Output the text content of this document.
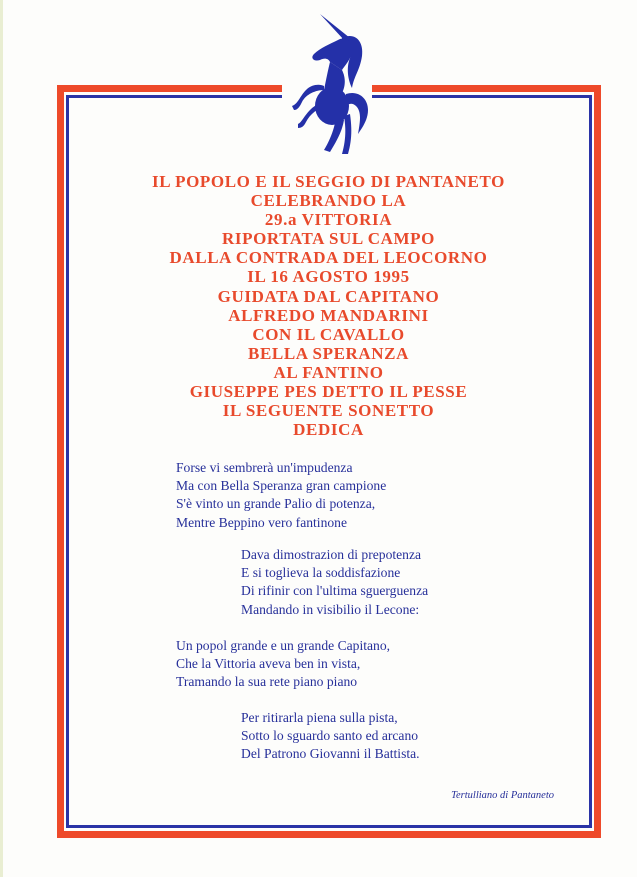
IL POPOLO E IL SEGGIO DI PANTANETO
CELEBRANDO LA
29.a VITTORIA
RIPORTATA SUL CAMPO
DALLA CONTRADA DEL LEOCORNO
IL 16 AGOSTO 1995
GUIDATA DAL CAPITANO
ALFREDO MANDARINI
CON IL CAVALLO
BELLA SPERANZA
AL FANTINO
GIUSEPPE PES DETTO IL PESSE
IL SEGUENTE SONETTO
DEDICA
Forse vi sembrerà un'impudenza
Ma con Bella Speranza gran campione
S'è vinto un grande Palio di potenza,
Mentre Beppino vero fantinone
Dava dimostrazion di prepotenza
E si toglieva la soddisfazione
Di rifinir con l'ultima sguerguenza
Mandando in visibilio il Lecone:
Un popol grande e un grande Capitano,
Che la Vittoria aveva ben in vista,
Tramando la sua rete piano piano
Per ritirarla piena sulla pista,
Sotto lo sguardo santo ed arcano
Del Patrono Giovanni il Battista.
Tertulliano di Pantaneto
